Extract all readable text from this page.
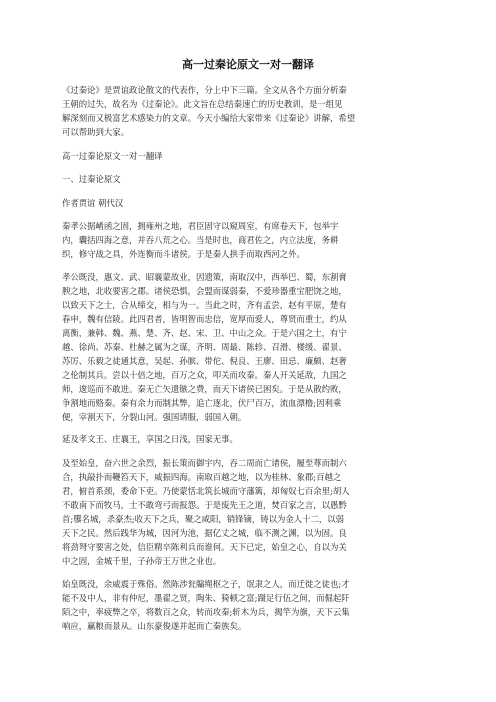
高一过秦论原文一对一翻译
《过秦论》是贾谊政论散文的代表作，分上中下三篇。全文从各个方面分析秦
王朝的过失，故名为《过秦论》。此文旨在总结秦速亡的历史教训，是一组见
解深刻而又极富艺术感染力的文章。今天小编给大家带来《过秦论》讲解，希望
可以帮助到大家。
高一过秦论原文一对一翻译
一、过秦论原文
作者贾谊 朝代汉
秦孝公据崤函之固，拥雍州之地，君臣固守以窥周室，有席卷天下，包举宇
内，囊括四海之意，并吞八荒之心。当是时也，商君佐之，内立法度，务耕
织，修守战之具，外连衡而斗诸侯。于是秦人拱手而取西河之外。
孝公既没，惠文、武、昭襄蒙故业，因遗策，南取汉中，西举巴、蜀，东割膏
腴之地，北收要害之郡。诸侯恐惧，会盟而谋弱秦，不爱珍器重宝肥饶之地，
以致天下之士，合从缔交，相与为一。当此之时，齐有孟尝，赵有平原，楚有
春申，魏有信陵。此四君者，皆明智而忠信，宽厚而爱人，尊贤而重士，约从
离衡，兼韩、魏、燕、楚、齐、赵、宋、卫、中山之众。于是六国之士，有宁
越、徐尚、苏秦、杜赫之属为之谋，齐明、周最、陈轸、召滑、楼缓、翟景、
苏厉、乐毅之徒通其意，吴起、孙膑、带佗、倪良、王廖、田忌、廉颇、赵奢
之伦制其兵。尝以十倍之地，百万之众，叩关而攻秦。秦人开关延敌，九国之
师，逡巡而不敢进。秦无亡矢遗镞之费，而天下诸侯已困矣。于是从散约败，
争割地而赂秦。秦有余力而制其弊，追亡逐北，伏尸百万，流血漂橹;因利乘
便，宰割天下，分裂山河。强国请服，弱国入朝。
延及孝文王、庄襄王，享国之日浅，国家无事。
及至始皇，奋六世之余烈，振长策而御宇内，吞二周而亡诸侯，履至尊而制六
合，执敲扑而鞭笞天下，威振四海。南取百越之地，以为桂林、象郡;百越之
君，俯首系颈，委命下吏。乃使蒙恬北筑长城而守藩篱，却匈奴七百余里;胡人
不敢南下而牧马，士不敢弯弓而报怨。于是废先王之道，焚百家之言，以愚黔
首;隳名城，杀豪杰;收天下之兵，聚之咸阳，销锋镝，铸以为金人十二，以弱
天下之民。然后践华为城，因河为池，据亿丈之城，临不测之渊，以为固。良
将劲弩守要害之处，信臣精卒陈利兵而谁何。天下已定，始皇之心，自以为关
中之固，金城千里，子孙帝王万世之业也。
始皇既没，余威震于殊俗。然陈涉瓮牖绳枢之子，氓隶之人，而迁徙之徒也;才
能不及中人，非有仲尼，墨翟之贤，陶朱、猗顿之富;蹑足行伍之间，而倔起阡
陌之中，率疲弊之卒，将数百之众，转而攻秦;斩木为兵，揭竿为旗，天下云集
响应，赢粮而景从。山东豪俊遂并起而亡秦族矣。
